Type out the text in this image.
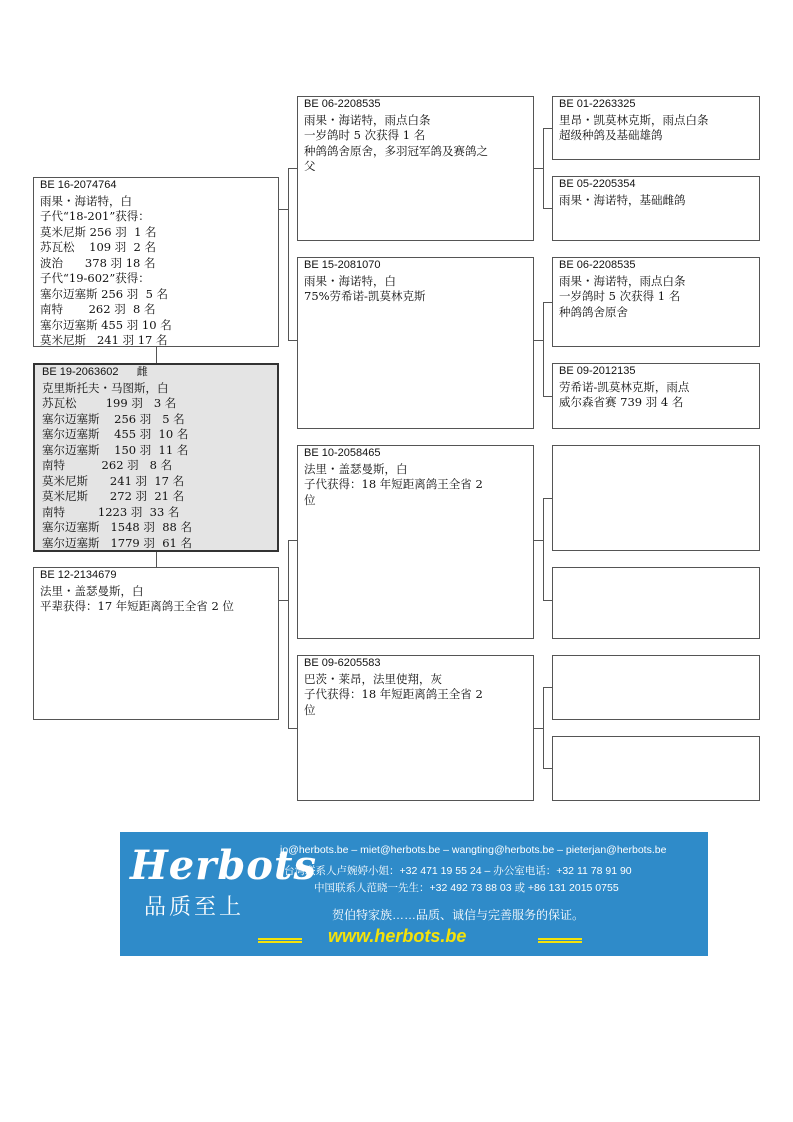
BE 16-2074764
雨果・海诺特，白
子代“18-201”获得：
莫米尼斯 256 羽  1 名
苏瓦松    109 羽  2 名
波治      378 羽 18 名
子代“19-602”获得：
塞尔迈塞斯 256 羽  5 名
南特       262 羽  8 名
塞尔迈塞斯 455 羽 10 名
莫米尼斯   241 羽 17 名
BE 19-2063602 雌
克里斯托夫・马图斯，白
苏瓦松        199 羽   3 名
塞尔迈塞斯    256 羽   5 名
塞尔迈塞斯    455 羽  10 名
塞尔迈塞斯    150 羽  11 名
南特          262 羽   8 名
莫米尼斯      241 羽  17 名
莫米尼斯      272 羽  21 名
南特         1223 羽  33 名
塞尔迈塞斯   1548 羽  88 名
塞尔迈塞斯   1779 羽  61 名
BE 12-2134679
法里・盖瑟曼斯，白
平辈获得：17 年短距离鸽王全省 2 位
BE 06-2208535
雨果・海诺特，雨点白条
一岁鸽时 5 次获得 1 名
种鸽鸽舍原舍，多羽冠军鸽及赛鸽之
父
BE 15-2081070
雨果・海诺特，白
75%劳希诺-凯莫林克斯
BE 10-2058465
法里・盖瑟曼斯，白
子代获得：18 年短距离鸽王全省 2
位
BE 09-6205583
巴茨・莱昂，法里使翔，灰
子代获得：18 年短距离鸽王全省 2
位
BE 01-2263325
里昂・凯莫林克斯，雨点白条
超级种鸽及基础雄鸽
BE 05-2205354
雨果・海诺特，基础雌鸽
BE 06-2208535
雨果・海诺特，雨点白条
一岁鸽时 5 次获得 1 名
种鸽鸽舍原舍
BE 09-2012135
劳希诺-凯莫林克斯，雨点
威尔森省赛 739 羽 4 名
Herbots
品质至上
jo@herbots.be – miet@herbots.be – wangting@herbots.be – pieterjan@herbots.be
台湾联系人卢婉婷小姐：+32 471 19 55 24 – 办公室电话：+32 11 78 91 90
中国联系人范晓一先生：+32 492 73 88 03 或 +86 131 2015 0755
贺伯特家族……品质、诚信与完善服务的保证。
www.herbots.be
